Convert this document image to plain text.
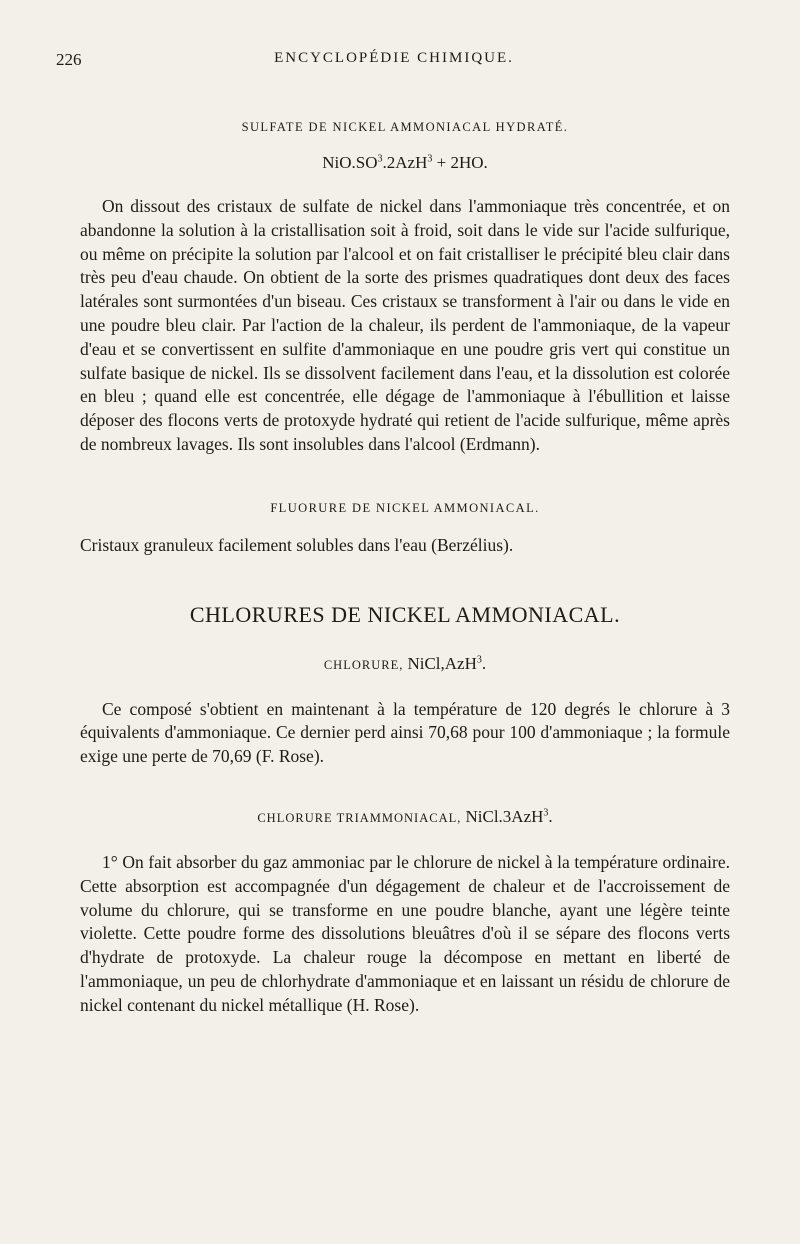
226	ENCYCLOPÉDIE CHIMIQUE.
SULFATE DE NICKEL AMMONIACAL HYDRATÉ.
$NiO.SO^3.2AzH^3 + 2HO$.

On dissout des cristaux de sulfate de nickel dans l'ammoniaque très concentrée, et on abandonne la solution à la cristallisation soit à froid, soit dans le vide sur l'acide sulfurique, ou même on précipite la solution par l'alcool et on fait cristalliser le précipité bleu clair dans très peu d'eau chaude. On obtient de la sorte des prismes quadratiques dont deux des faces latérales sont surmontées d'un biseau. Ces cristaux se transforment à l'air ou dans le vide en une poudre bleu clair. Par l'action de la chaleur, ils perdent de l'ammoniaque, de la vapeur d'eau et se convertissent en sulfite d'ammoniaque en une poudre gris vert qui constitue un sulfate basique de nickel. Ils se dissolvent facilement dans l'eau, et la dissolution est colorée en bleu ; quand elle est concentrée, elle dégage de l'ammoniaque à l'ébullition et laisse déposer des flocons verts de protoxyde hydraté qui retient de l'acide sulfurique, même après de nombreux lavages. Ils sont insolubles dans l'alcool (Erdmann).

FLUORURE DE NICKEL AMMONIACAL.

Cristaux granuleux facilement solubles dans l'eau (Berzélius).

CHLORURES DE NICKEL AMMONIACAL.
CHLORURE, NiCl,AzH$^3$.

Ce composé s'obtient en maintenant à la température de 120 degrés le chlorure à 3 équivalents d'ammoniaque. Ce dernier perd ainsi 70,68 pour 100 d'ammoniaque ; la formule exige une perte de 70,69 (F. Rose).

CHLORURE TRIAMMONIACAL, NiCl.3AzH$^3$.

1° On fait absorber du gaz ammoniac par le chlorure de nickel à la température ordinaire. Cette absorption est accompagnée d'un dégagement de chaleur et de l'accroissement de volume du chlorure, qui se transforme en une poudre blanche, ayant une légère teinte violette. Cette poudre forme des dissolutions bleuâtres d'où il se sépare des flocons verts d'hydrate de protoxyde. La chaleur rouge la décompose en mettant en liberté de l'ammoniaque, un peu de chlorhydrate d'ammoniaque et en laissant un résidu de chlorure de nickel contenant du nickel métallique (H. Rose).
